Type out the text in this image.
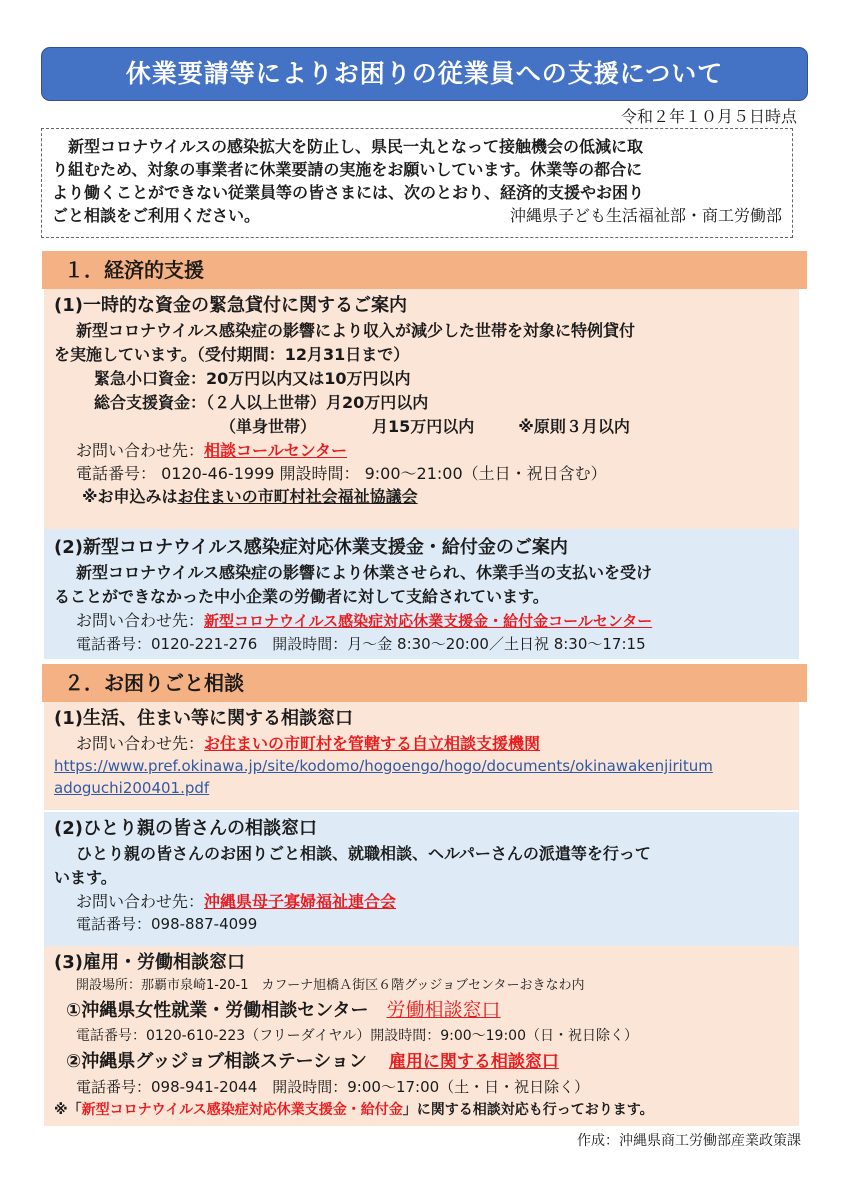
休業要請等によりお困りの従業員への支援について
令和２年１０月５日時点
新型コロナウイルスの感染拡大を防止し、県民一丸となって接触機会の低減に取
り組むため、対象の事業者に休業要請の実施をお願いしています。休業等の都合に
より働くことができない従業員等の皆さまには、次のとおり、経済的支援やお困り
ごと相談をご利用ください。	沖縄県子ども生活福祉部・商工労働部
１．経済的支援
(1)一時的な資金の緊急貸付に関するご案内
新型コロナウイルス感染症の影響により収入が減少した世帯を対象に特例貸付
を実施しています。（受付期間：12月31日まで）
緊急小口資金：20万円以内又は10万円以内
総合支援資金：（２人以上世帯）月20万円以内
（単身世帯）	月15万円以内	※原則３月以内
お問い合わせ先：相談コールセンター
電話番号： 0120-46-1999 開設時間： 9:00～21:00（土日・祝日含む）
※お申込みはお住まいの市町村社会福祉協議会
(2)新型コロナウイルス感染症対応休業支援金・給付金のご案内
新型コロナウイルス感染症の影響により休業させられ、休業手当の支払いを受け
ることができなかった中小企業の労働者に対して支給されています。
お問い合わせ先：新型コロナウイルス感染症対応休業支援金・給付金コールセンター
電話番号：0120-221-276　開設時間：月～金 8:30～20:00／土日祝 8:30～17:15
２．お困りごと相談
(1)生活、住まい等に関する相談窓口
お問い合わせ先：お住まいの市町村を管轄する自立相談支援機関
https://www.pref.okinawa.jp/site/kodomo/hogoengo/hogo/documents/okinawakenjiritum
adoguchi200401.pdf
(2)ひとり親の皆さんの相談窓口
ひとり親の皆さんのお困りごと相談、就職相談、ヘルパーさんの派遣等を行って
います。
お問い合わせ先：沖縄県母子寡婦福祉連合会
電話番号：098-887-4099
(3)雇用・労働相談窓口
開設場所：那覇市泉崎1-20-1　カフーナ旭橋Ａ街区６階グッジョブセンターおきなわ内
①沖縄県女性就業・労働相談センター 労働相談窓口
電話番号：0120-610-223（フリーダイヤル）開設時間：9:00～19:00（日・祝日除く）
②沖縄県グッジョブ相談ステーション 雇用に関する相談窓口
電話番号：098-941-2044　開設時間：9:00～17:00（土・日・祝日除く）
※「新型コロナウイルス感染症対応休業支援金・給付金」に関する相談対応も行っております。
作成：沖縄県商工労働部産業政策課
